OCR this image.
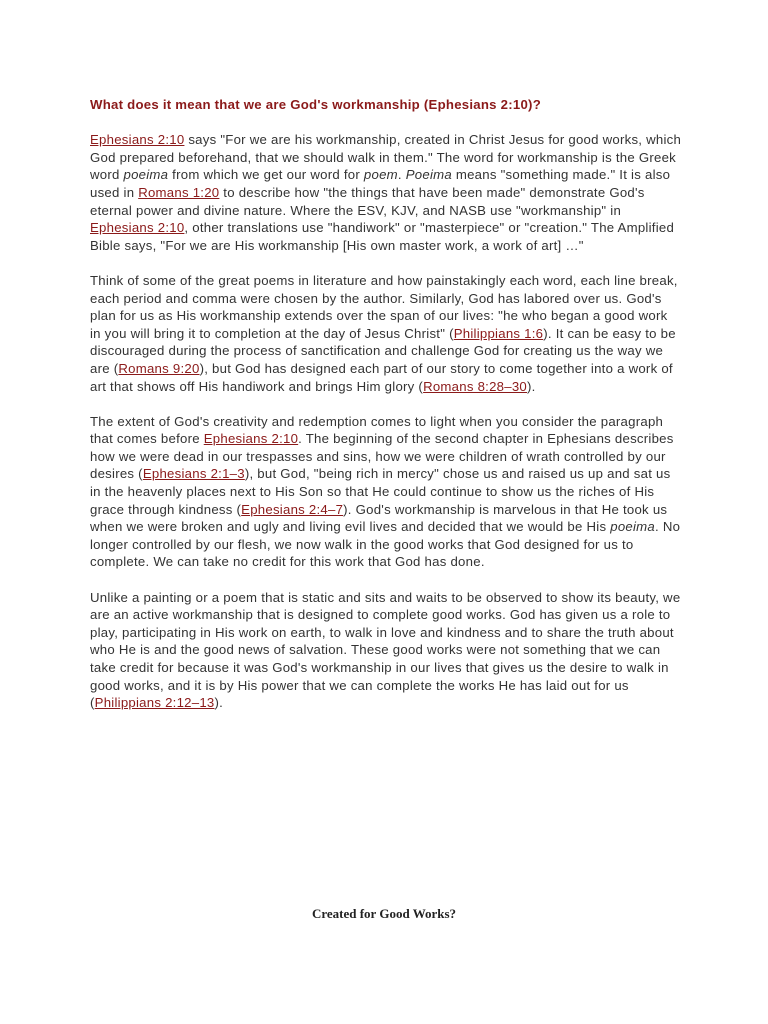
What does it mean that we are God's workmanship (Ephesians 2:10)?

Ephesians 2:10 says "For we are his workmanship, created in Christ Jesus for good works, which God prepared beforehand, that we should walk in them." The word for workmanship is the Greek word poeima from which we get our word for poem. Poeima means "something made." It is also used in Romans 1:20 to describe how "the things that have been made" demonstrate God's eternal power and divine nature. Where the ESV, KJV, and NASB use "workmanship" in Ephesians 2:10, other translations use "handiwork" or "masterpiece" or "creation." The Amplified Bible says, "For we are His workmanship [His own master work, a work of art] …"

Think of some of the great poems in literature and how painstakingly each word, each line break, each period and comma were chosen by the author. Similarly, God has labored over us. God's plan for us as His workmanship extends over the span of our lives: "he who began a good work in you will bring it to completion at the day of Jesus Christ" (Philippians 1:6). It can be easy to be discouraged during the process of sanctification and challenge God for creating us the way we are (Romans 9:20), but God has designed each part of our story to come together into a work of art that shows off His handiwork and brings Him glory (Romans 8:28–30).

The extent of God's creativity and redemption comes to light when you consider the paragraph that comes before Ephesians 2:10. The beginning of the second chapter in Ephesians describes how we were dead in our trespasses and sins, how we were children of wrath controlled by our desires (Ephesians 2:1–3), but God, "being rich in mercy" chose us and raised us up and sat us in the heavenly places next to His Son so that He could continue to show us the riches of His grace through kindness (Ephesians 2:4–7). God's workmanship is marvelous in that He took us when we were broken and ugly and living evil lives and decided that we would be His poeima. No longer controlled by our flesh, we now walk in the good works that God designed for us to complete. We can take no credit for this work that God has done.

Unlike a painting or a poem that is static and sits and waits to be observed to show its beauty, we are an active workmanship that is designed to complete good works. God has given us a role to play, participating in His work on earth, to walk in love and kindness and to share the truth about who He is and the good news of salvation. These good works were not something that we can take credit for because it was God's workmanship in our lives that gives us the desire to walk in good works, and it is by His power that we can complete the works He has laid out for us (Philippians 2:12–13).

Created for Good Works?
